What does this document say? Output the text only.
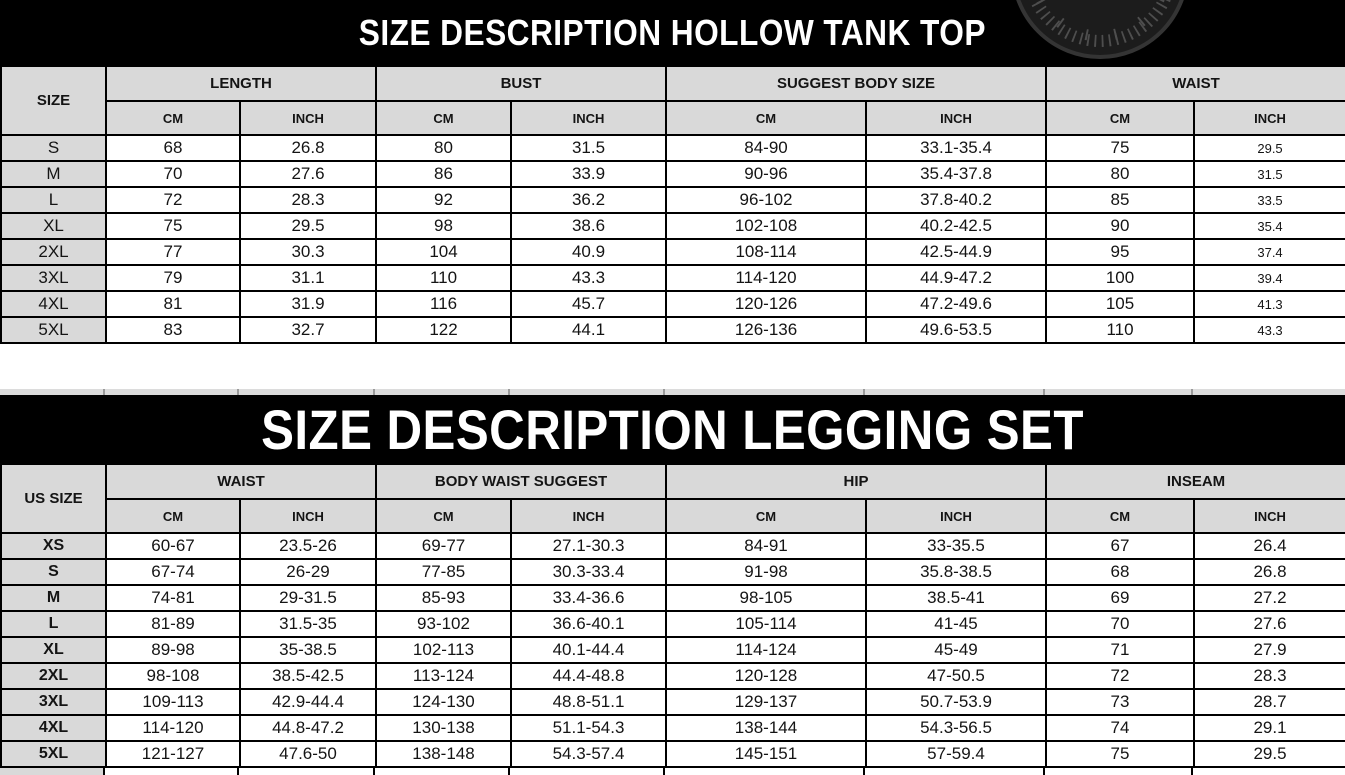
SIZE DESCRIPTION HOLLOW TANK TOP
SIZE	LENGTH		BUST		SUGGEST BODY SIZE		WAIST	
	CM	INCH	CM	INCH	CM	INCH	CM	INCH
S	68	26.8	80	31.5	84-90	33.1-35.4	75	29.5
M	70	27.6	86	33.9	90-96	35.4-37.8	80	31.5
L	72	28.3	92	36.2	96-102	37.8-40.2	85	33.5
XL	75	29.5	98	38.6	102-108	40.2-42.5	90	35.4
2XL	77	30.3	104	40.9	108-114	42.5-44.9	95	37.4
3XL	79	31.1	110	43.3	114-120	44.9-47.2	100	39.4
4XL	81	31.9	116	45.7	120-126	47.2-49.6	105	41.3
5XL	83	32.7	122	44.1	126-136	49.6-53.5	110	43.3
SIZE DESCRIPTION LEGGING SET
US SIZE	WAIST		BODY WAIST SUGGEST		HIP		INSEAM	
	CM	INCH	CM	INCH	CM	INCH	CM	INCH
XS	60-67	23.5-26	69-77	27.1-30.3	84-91	33-35.5	67	26.4
S	67-74	26-29	77-85	30.3-33.4	91-98	35.8-38.5	68	26.8
M	74-81	29-31.5	85-93	33.4-36.6	98-105	38.5-41	69	27.2
L	81-89	31.5-35	93-102	36.6-40.1	105-114	41-45	70	27.6
XL	89-98	35-38.5	102-113	40.1-44.4	114-124	45-49	71	27.9
2XL	98-108	38.5-42.5	113-124	44.4-48.8	120-128	47-50.5	72	28.3
3XL	109-113	42.9-44.4	124-130	48.8-51.1	129-137	50.7-53.9	73	28.7
4XL	114-120	44.8-47.2	130-138	51.1-54.3	138-144	54.3-56.5	74	29.1
5XL	121-127	47.6-50	138-148	54.3-57.4	145-151	57-59.4	75	29.5
